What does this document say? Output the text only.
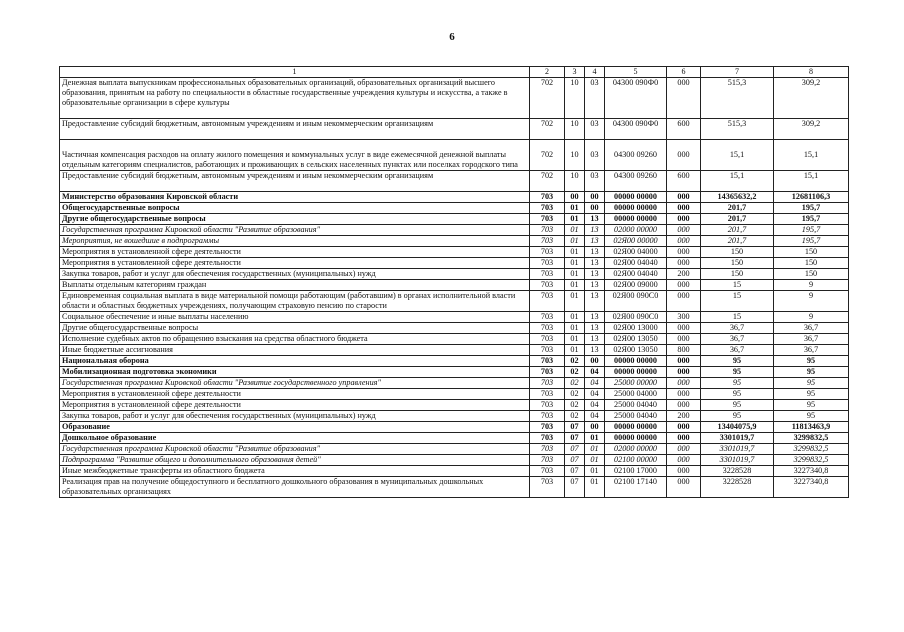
6
1	2	3	4	5	6	7	8
Денежная выплата выпускникам профессиональных образовательных организаций, образовательных организаций высшего образования, принятым на работу по специальности в областные государственные учреждения культуры и искусства, а также в образовательные организации в сфере культуры	702	10	03	04300 090Ф0	000	515,3	309,2
Предоставление субсидий бюджетным, автономным учреждениям и иным некоммерческим организациям	702	10	03	04300 090Ф0	600	515,3	309,2
Частичная компенсация расходов на оплату жилого помещения и коммунальных услуг в виде ежемесячной денежной выплаты отдельным категориям специалистов, работающих и проживающих в сельских населенных пунктах или поселках городского типа	702	10	03	04300 09260	000	15,1	15,1
Предоставление субсидий бюджетным, автономным учреждениям и иным некоммерческим организациям	702	10	03	04300 09260	600	15,1	15,1
Министерство образования Кировской области	703	00	00	00000 00000	000	14365632,2	12681106,3
Общегосударственные вопросы	703	01	00	00000 00000	000	201,7	195,7
Другие общегосударственные вопросы	703	01	13	00000 00000	000	201,7	195,7
Государственная программа Кировской области "Развитие образования"	703	01	13	02000 00000	000	201,7	195,7
Мероприятия, не вошедшие в подпрограммы	703	01	13	02Я00 00000	000	201,7	195,7
Мероприятия в установленной сфере деятельности	703	01	13	02Я00 04000	000	150	150
Мероприятия в установленной сфере деятельности	703	01	13	02Я00 04040	000	150	150
Закупка товаров, работ и услуг для обеспечения государственных (муниципальных) нужд	703	01	13	02Я00 04040	200	150	150
Выплаты отдельным категориям граждан	703	01	13	02Я00 09000	000	15	9
Единовременная социальная выплата в виде материальной помощи работающим (работавшим) в органах исполнительной власти области и областных бюджетных учреждениях, получающим страховую пенсию по старости	703	01	13	02Я00 090С0	000	15	9
Социальное обеспечение и иные выплаты населению	703	01	13	02Я00 090С0	300	15	9
Другие общегосударственные вопросы	703	01	13	02Я00 13000	000	36,7	36,7
Исполнение судебных актов по обращению взыскания на средства областного бюджета	703	01	13	02Я00 13050	000	36,7	36,7
Иные бюджетные ассигнования	703	01	13	02Я00 13050	800	36,7	36,7
Национальная оборона	703	02	00	00000 00000	000	95	95
Мобилизационная подготовка экономики	703	02	04	00000 00000	000	95	95
Государственная программа Кировской области "Развитие государственного управления"	703	02	04	25000 00000	000	95	95
Мероприятия в установленной сфере деятельности	703	02	04	25000 04000	000	95	95
Мероприятия в установленной сфере деятельности	703	02	04	25000 04040	000	95	95
Закупка товаров, работ и услуг для обеспечения государственных (муниципальных) нужд	703	02	04	25000 04040	200	95	95
Образование	703	07	00	00000 00000	000	13404075,9	11813463,9
Дошкольное образование	703	07	01	00000 00000	000	3301019,7	3299832,5
Государственная программа Кировской области "Развитие образования"	703	07	01	02000 00000	000	3301019,7	3299832,5
Подпрограмма "Развитие общего и дополнительного образования детей"	703	07	01	02100 00000	000	3301019,7	3299832,5
Иные межбюджетные трансферты из областного бюджета	703	07	01	02100 17000	000	3228528	3227340,8
Реализация прав на получение общедоступного и бесплатного дошкольного образования в муниципальных дошкольных образовательных организациях	703	07	01	02100 17140	000	3228528	3227340,8
